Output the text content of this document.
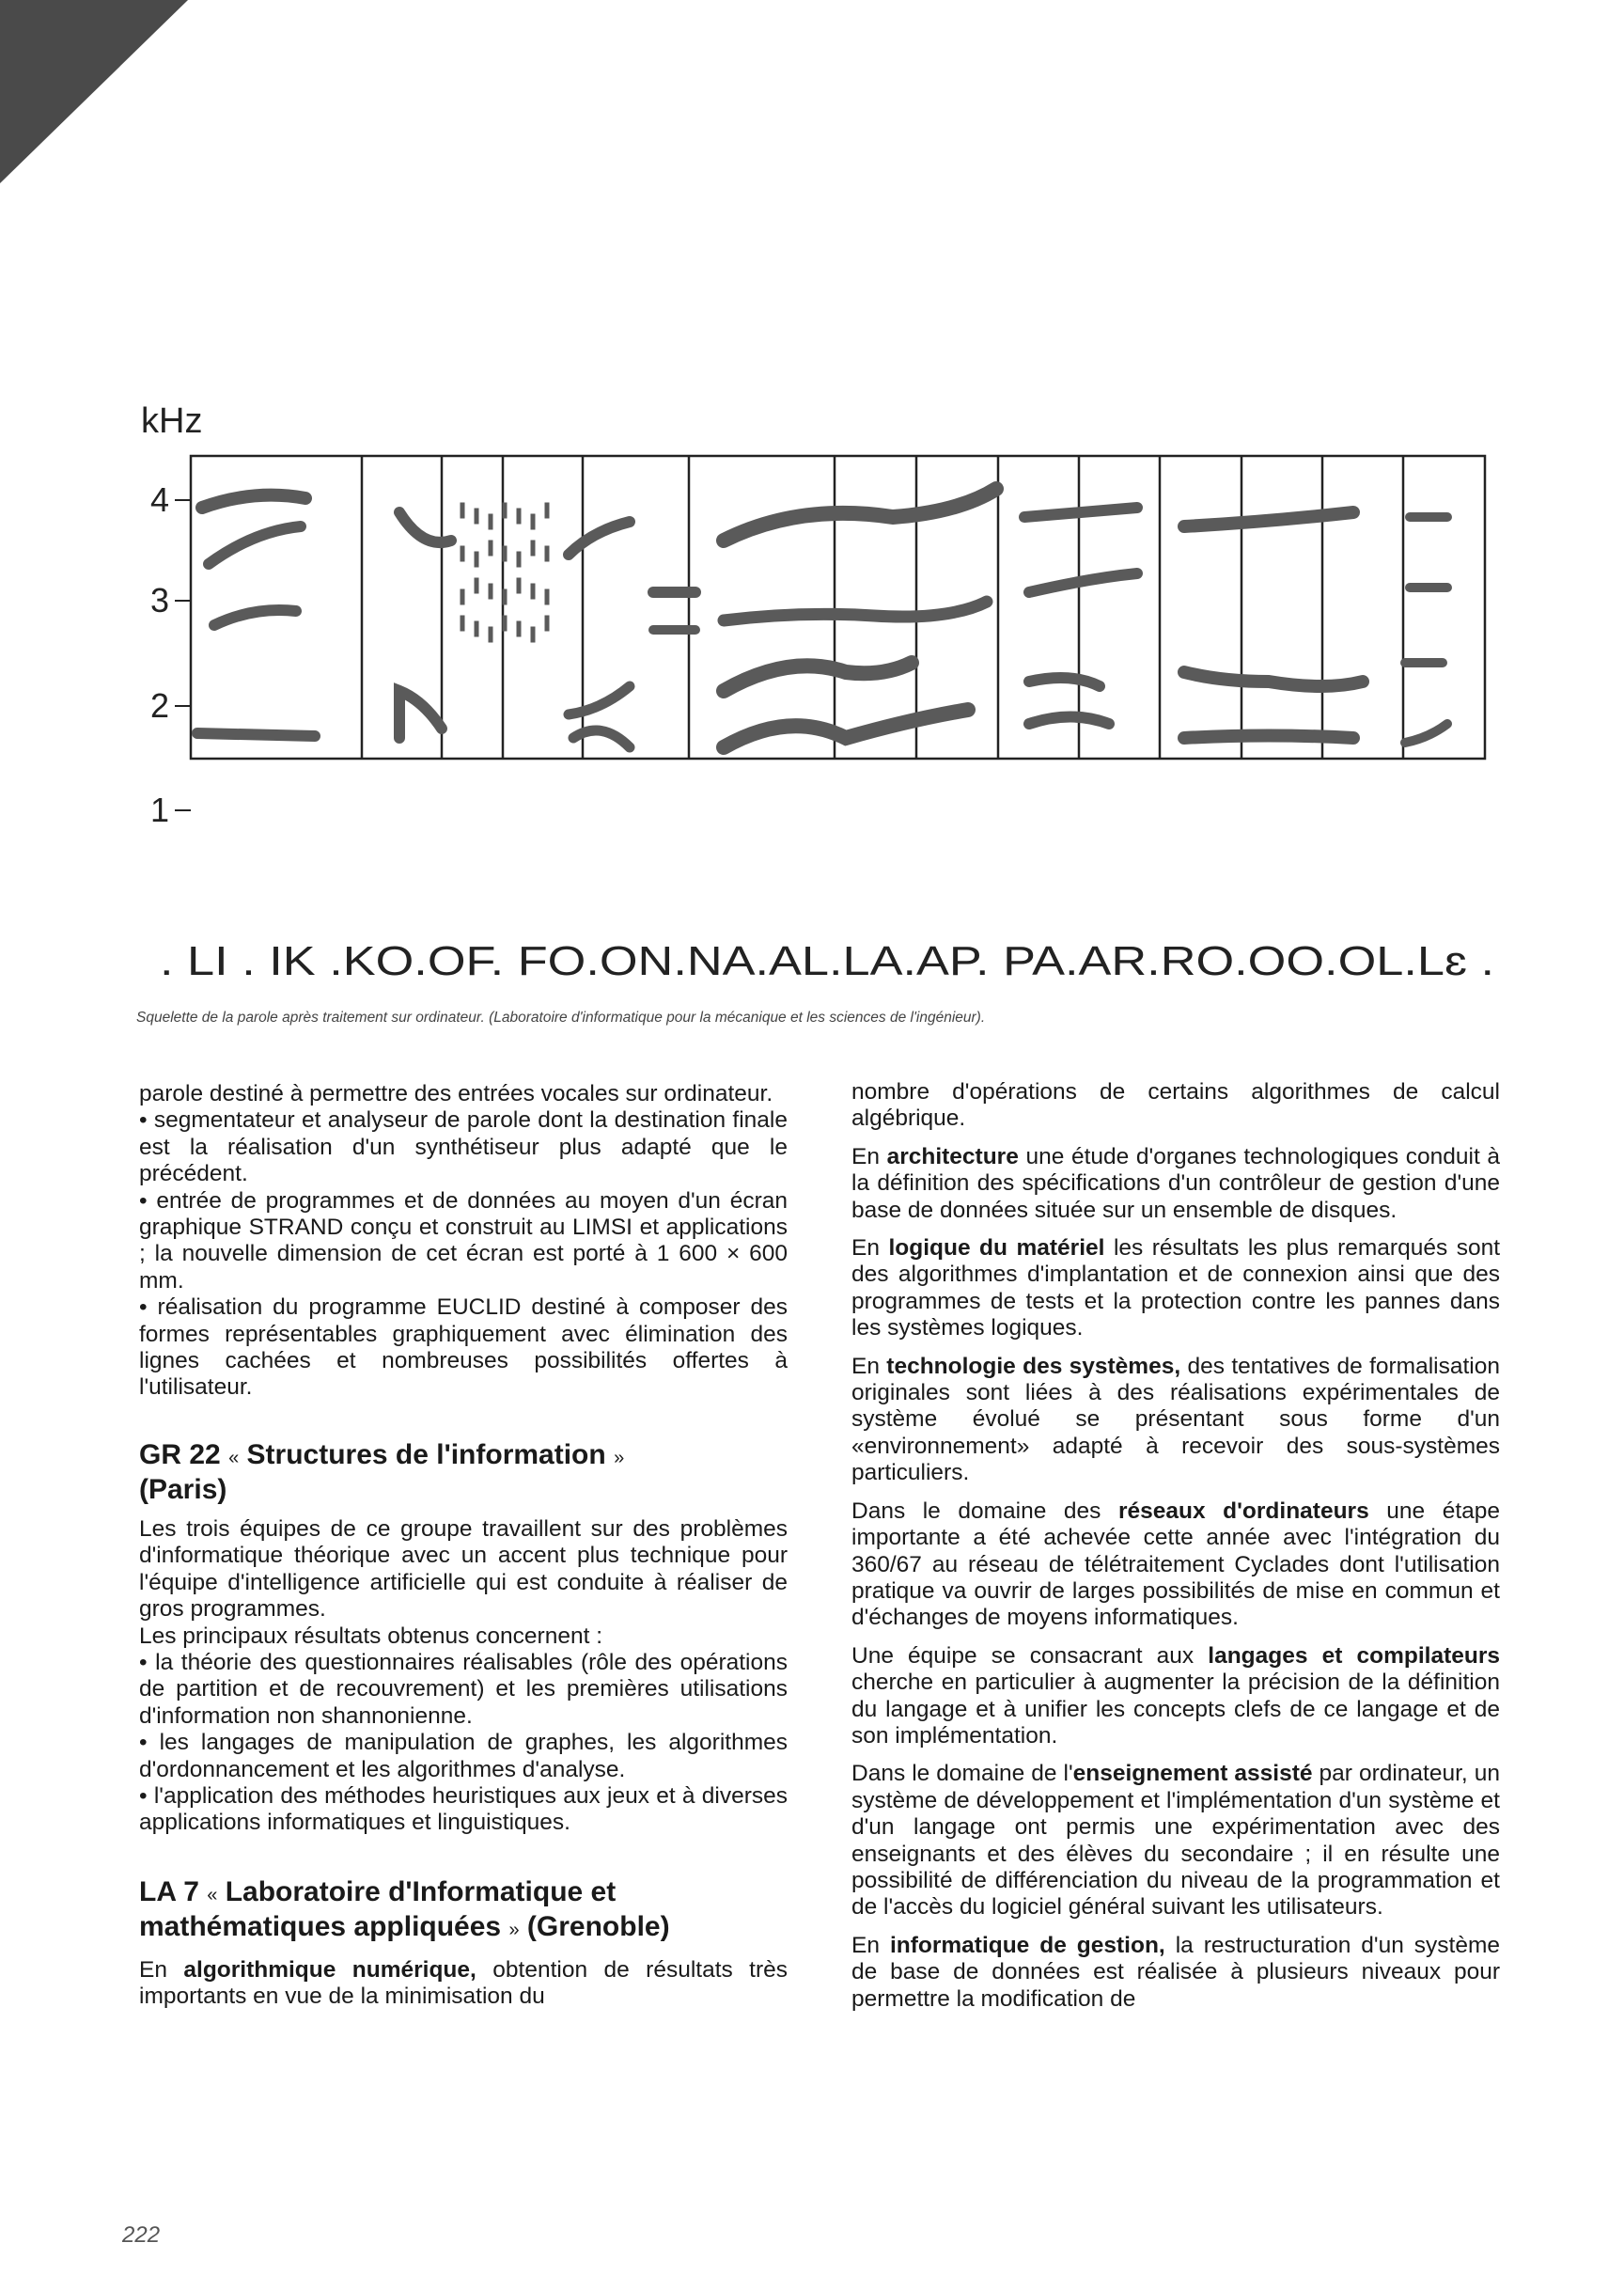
kHz
4
3
2
1
. LI . IK .KO.OF. FO.ON.NA.AL.LA.AP. PA.AR.RO.OO.OL.Lɛ .
Squelette de la parole après traitement sur ordinateur. (Laboratoire d'informatique pour la mécanique et les sciences de l'ingénieur).

parole destiné à permettre des entrées vocales sur ordinateur.

• segmentateur et analyseur de parole dont la destination finale est la réalisation d'un synthétiseur plus adapté que le précédent.

• entrée de programmes et de données au moyen d'un écran graphique STRAND conçu et construit au LIMSI et applications ; la nouvelle dimension de cet écran est porté à 1 600 × 600 mm.

• réalisation du programme EUCLID destiné à composer des formes représentables graphiquement avec élimination des lignes cachées et nombreuses possibilités offertes à l'utilisateur.

GR 22 « Structures de l'information »
(Paris)

Les trois équipes de ce groupe travaillent sur des problèmes d'informatique théorique avec un accent plus technique pour l'équipe d'intelligence artificielle qui est conduite à réaliser de gros programmes.

Les principaux résultats obtenus concernent :

• la théorie des questionnaires réalisables (rôle des opérations de partition et de recouvrement) et les premières utilisations d'information non shannonienne.

• les langages de manipulation de graphes, les algorithmes d'ordonnancement et les algorithmes d'analyse.

• l'application des méthodes heuristiques aux jeux et à diverses applications informatiques et linguistiques.

LA 7 « Laboratoire d'Informatique et
mathématiques appliquées » (Grenoble)

En algorithmique numérique, obtention de résultats très importants en vue de la minimisation du

nombre d'opérations de certains algorithmes de calcul algébrique.

En architecture une étude d'organes technologiques conduit à la définition des spécifications d'un contrôleur de gestion d'une base de données située sur un ensemble de disques.

En logique du matériel les résultats les plus remarqués sont des algorithmes d'implantation et de connexion ainsi que des programmes de tests et la protection contre les pannes dans les systèmes logiques.

En technologie des systèmes, des tentatives de formalisation originales sont liées à des réalisations expérimentales de système évolué se présentant sous forme d'un «environnement» adapté à recevoir des sous-systèmes particuliers.

Dans le domaine des réseaux d'ordinateurs une étape importante a été achevée cette année avec l'intégration du 360/67 au réseau de télétraitement Cyclades dont l'utilisation pratique va ouvrir de larges possibilités de mise en commun et d'échanges de moyens informatiques.

Une équipe se consacrant aux langages et compilateurs cherche en particulier à augmenter la précision de la définition du langage et à unifier les concepts clefs de ce langage et de son implémentation.

Dans le domaine de l'enseignement assisté par ordinateur, un système de développement et l'implémentation d'un système et d'un langage ont permis une expérimentation avec des enseignants et des élèves du secondaire ; il en résulte une possibilité de différenciation du niveau de la programmation et de l'accès du logiciel général suivant les utilisateurs.

En informatique de gestion, la restructuration d'un système de base de données est réalisée à plusieurs niveaux pour permettre la modification de

222
